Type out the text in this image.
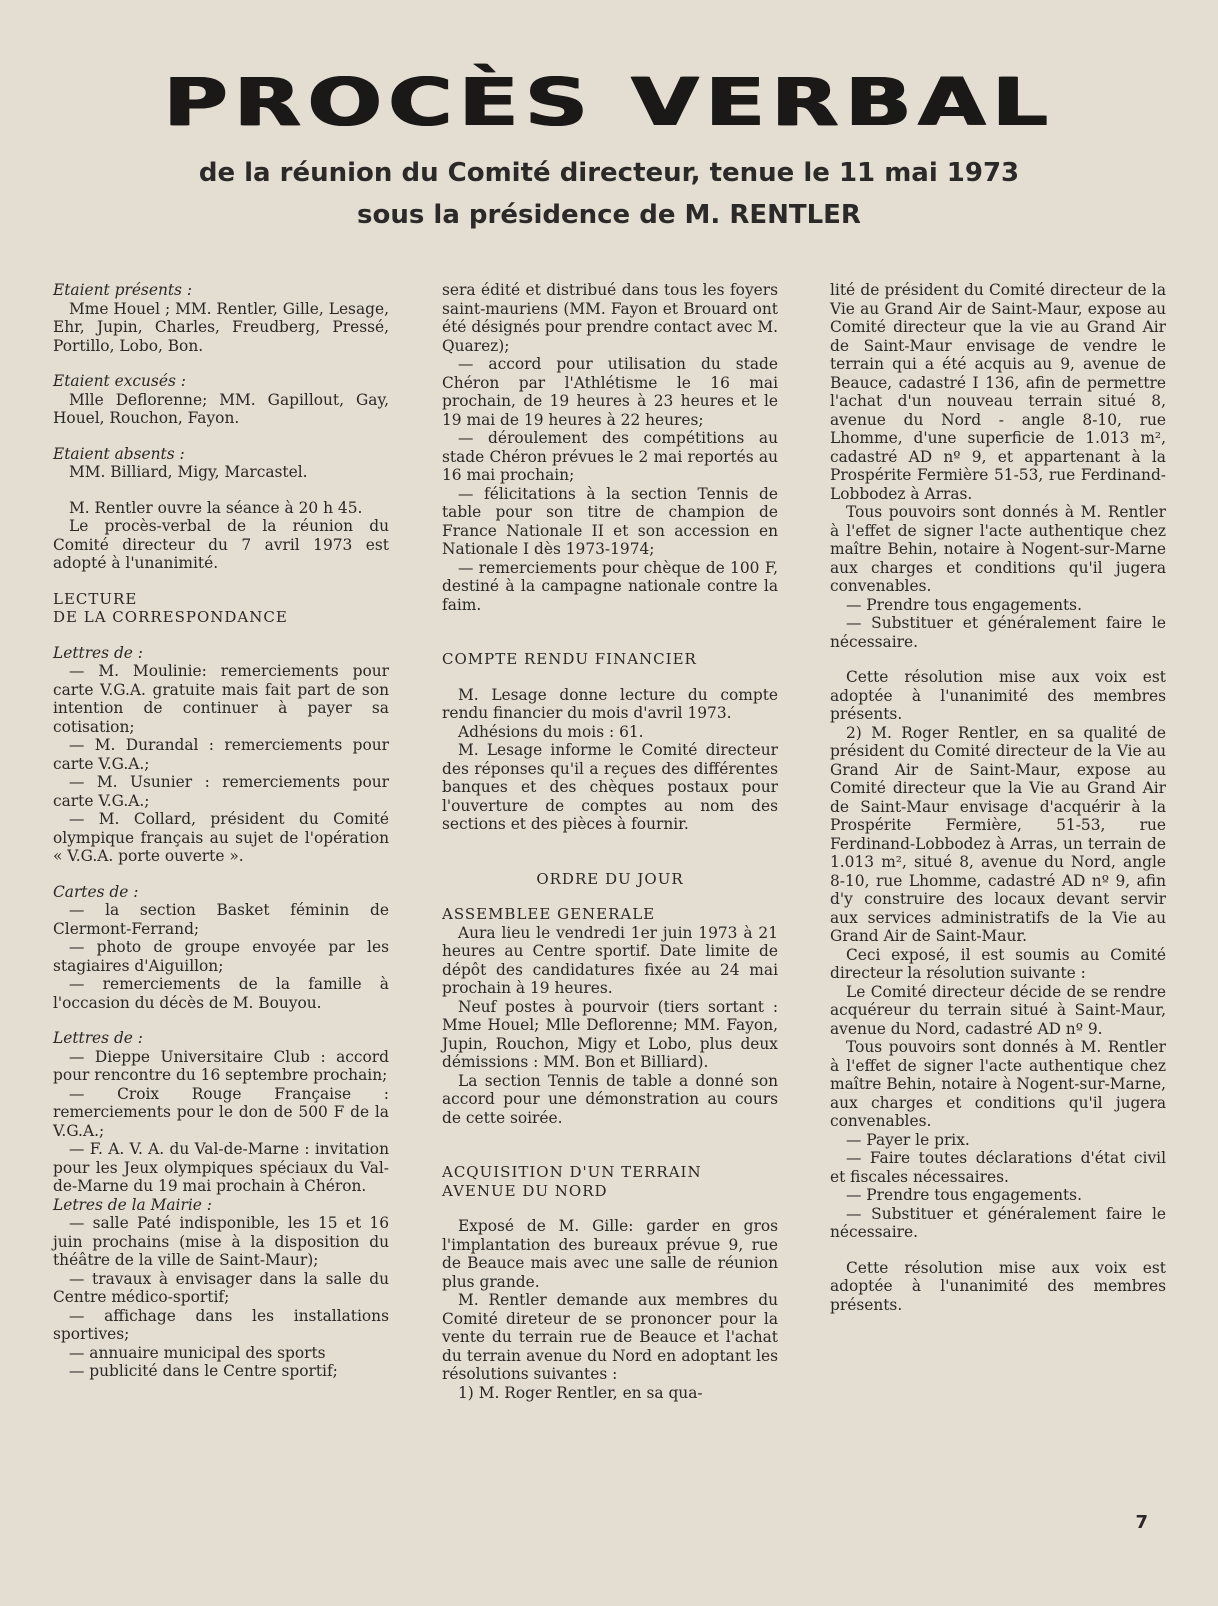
PROCÈS VERBAL

de la réunion du Comité directeur, tenue le 11 mai 1973

sous la présidence de M. RENTLER

Etaient présents :

Mme Houel ; MM. Rentler, Gille, Lesage, Ehr, Jupin, Charles, Freudberg, Pressé, Portillo, Lobo, Bon.

Etaient excusés :

Mlle Deflorenne; MM. Gapillout, Gay, Houel, Rouchon, Fayon.

Etaient absents :

MM. Billiard, Migy, Marcastel.

M. Rentler ouvre la séance à 20 h 45.

Le procès-verbal de la réunion du Comité directeur du 7 avril 1973 est adopté à l'unanimité.

LECTURE

DE LA CORRESPONDANCE

Lettres de :

— M. Moulinie: remerciements pour carte V.G.A. gratuite mais fait part de son intention de continuer à payer sa cotisation;

— M. Durandal : remerciements pour carte V.G.A.;

— M. Usunier : remerciements pour carte V.G.A.;

— M. Collard, président du Comité olympique français au sujet de l'opération « V.G.A. porte ouverte ».

Cartes de :

— la section Basket féminin de Clermont-Ferrand;

— photo de groupe envoyée par les stagiaires d'Aiguillon;

— remerciements de la famille à l'occasion du décès de M. Bouyou.

Lettres de :

— Dieppe Universitaire Club : accord pour rencontre du 16 septembre prochain;

— Croix Rouge Française : remerciements pour le don de 500 F de la V.G.A.;

— F. A. V. A. du Val-de-Marne : invitation pour les Jeux olympiques spéciaux du Val-de-Marne du 19 mai prochain à Chéron.

Letres de la Mairie :

— salle Paté indisponible, les 15 et 16 juin prochains (mise à la disposition du théâtre de la ville de Saint-Maur);

— travaux à envisager dans la salle du Centre médico-sportif;

— affichage dans les installations sportives;

— annuaire municipal des sports

— publicité dans le Centre sportif;

sera édité et distribué dans tous les foyers saint-mauriens (MM. Fayon et Brouard ont été désignés pour prendre contact avec M. Quarez);

— accord pour utilisation du stade Chéron par l'Athlétisme le 16 mai prochain, de 19 heures à 23 heures et le 19 mai de 19 heures à 22 heures;

— déroulement des compétitions au stade Chéron prévues le 2 mai reportés au 16 mai prochain;

— félicitations à la section Tennis de table pour son titre de champion de France Nationale II et son accession en Nationale I dès 1973-1974;

— remerciements pour chèque de 100 F, destiné à la campagne nationale contre la faim.

COMPTE RENDU FINANCIER

M. Lesage donne lecture du compte rendu financier du mois d'avril 1973.

Adhésions du mois : 61.

M. Lesage informe le Comité directeur des réponses qu'il a reçues des différentes banques et des chèques postaux pour l'ouverture de comptes au nom des sections et des pièces à fournir.

ORDRE DU JOUR

ASSEMBLEE GENERALE

Aura lieu le vendredi 1er juin 1973 à 21 heures au Centre sportif. Date limite de dépôt des candidatures fixée au 24 mai prochain à 19 heures.

Neuf postes à pourvoir (tiers sortant : Mme Houel; Mlle Deflorenne; MM. Fayon, Jupin, Rouchon, Migy et Lobo, plus deux démissions : MM. Bon et Billiard).

La section Tennis de table a donné son accord pour une démonstration au cours de cette soirée.

ACQUISITION D'UN TERRAIN

AVENUE DU NORD

Exposé de M. Gille: garder en gros l'implantation des bureaux prévue 9, rue de Beauce mais avec une salle de réunion plus grande.

M. Rentler demande aux membres du Comité direteur de se prononcer pour la vente du terrain rue de Beauce et l'achat du terrain avenue du Nord en adoptant les résolutions suivantes :

1) M. Roger Rentler, en sa qua-

lité de président du Comité directeur de la Vie au Grand Air de Saint-Maur, expose au Comité directeur que la vie au Grand Air de Saint-Maur envisage de vendre le terrain qui a été acquis au 9, avenue de Beauce, cadastré I 136, afin de permettre l'achat d'un nouveau terrain situé 8, avenue du Nord - angle 8-10, rue Lhomme, d'une superficie de 1.013 m², cadastré AD nº 9, et appartenant à la Prospérite Fermière 51-53, rue Ferdinand-Lobbodez à Arras.

Tous pouvoirs sont donnés à M. Rentler à l'effet de signer l'acte authentique chez maître Behin, notaire à Nogent-sur-Marne aux charges et conditions qu'il jugera convenables.

— Prendre tous engagements.

— Substituer et généralement faire le nécessaire.

Cette résolution mise aux voix est adoptée à l'unanimité des membres présents.

2) M. Roger Rentler, en sa qualité de président du Comité directeur de la Vie au Grand Air de Saint-Maur, expose au Comité directeur que la Vie au Grand Air de Saint-Maur envisage d'acquérir à la Prospérite Fermière, 51-53, rue Ferdinand-Lobbodez à Arras, un terrain de 1.013 m², situé 8, avenue du Nord, angle 8-10, rue Lhomme, cadastré AD nº 9, afin d'y construire des locaux devant servir aux services administratifs de la Vie au Grand Air de Saint-Maur.

Ceci exposé, il est soumis au Comité directeur la résolution suivante :

Le Comité directeur décide de se rendre acquéreur du terrain situé à Saint-Maur, avenue du Nord, cadastré AD nº 9.

Tous pouvoirs sont donnés à M. Rentler à l'effet de signer l'acte authentique chez maître Behin, notaire à Nogent-sur-Marne, aux charges et conditions qu'il jugera convenables.

— Payer le prix.

— Faire toutes déclarations d'état civil et fiscales nécessaires.

— Prendre tous engagements.

— Substituer et généralement faire le nécessaire.

Cette résolution mise aux voix est adoptée à l'unanimité des membres présents.

7
